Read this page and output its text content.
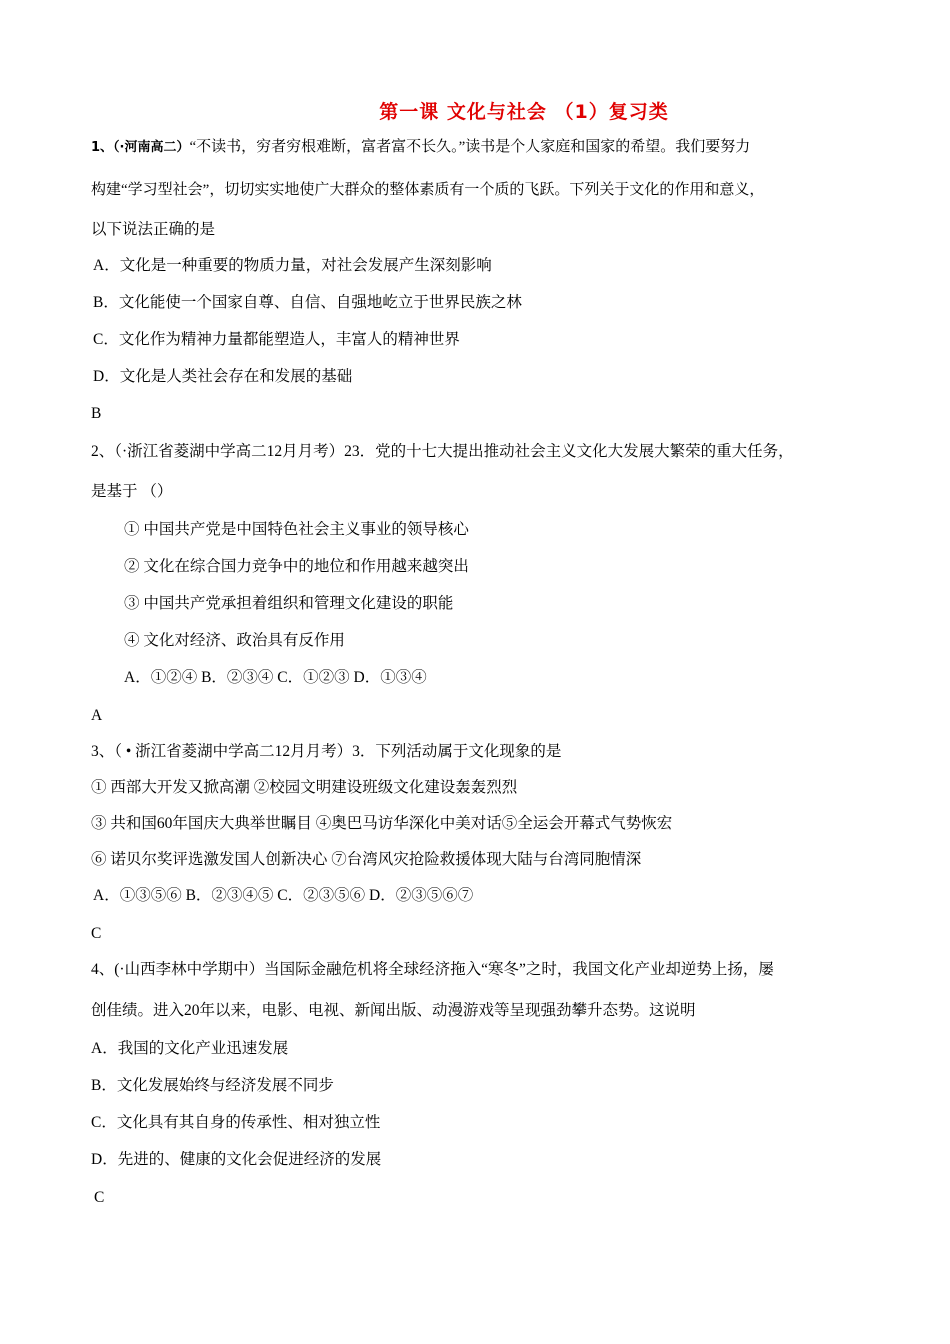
第一课 文化与社会 （1）复习类
1、（·河南高二）“不读书，穷者穷根难断，富者富不长久。”读书是个人家庭和国家的希望。我们要努力
构建“学习型社会”，切切实实地使广大群众的整体素质有一个质的飞跃。下列关于文化的作用和意义，
以下说法正确的是
A．文化是一种重要的物质力量，对社会发展产生深刻影响
B．文化能使一个国家自尊、自信、自强地屹立于世界民族之林
C．文化作为精神力量都能塑造人，丰富人的精神世界
D．文化是人类社会存在和发展的基础
B
2、（·浙江省菱湖中学高二12月月考）23．党的十七大提出推动社会主义文化大发展大繁荣的重大任务，
是基于 （）
① 中国共产党是中国特色社会主义事业的领导核心
② 文化在综合国力竞争中的地位和作用越来越突出
③ 中国共产党承担着组织和管理文化建设的职能
④ 文化对经济、政治具有反作用
A．①②④ B．②③④ C．①②③ D．①③④
A
3、（ • 浙江省菱湖中学高二12月月考）3．下列活动属于文化现象的是
① 西部大开发又掀高潮 ②校园文明建设班级文化建设轰轰烈烈
③ 共和国60年国庆大典举世瞩目 ④奥巴马访华深化中美对话⑤全运会开幕式气势恢宏
⑥ 诺贝尔奖评选激发国人创新决心 ⑦台湾风灾抢险救援体现大陆与台湾同胞情深
A．①③⑤⑥ B．②③④⑤ C．②③⑤⑥ D．②③⑤⑥⑦
C
4、(·山西李林中学期中）当国际金融危机将全球经济拖入“寒冬”之时，我国文化产业却逆势上扬，屡
创佳绩。进入20年以来，电影、电视、新闻出版、动漫游戏等呈现强劲攀升态势。这说明
A．我国的文化产业迅速发展
B．文化发展始终与经济发展不同步
C．文化具有其自身的传承性、相对独立性
D．先进的、健康的文化会促进经济的发展
C
